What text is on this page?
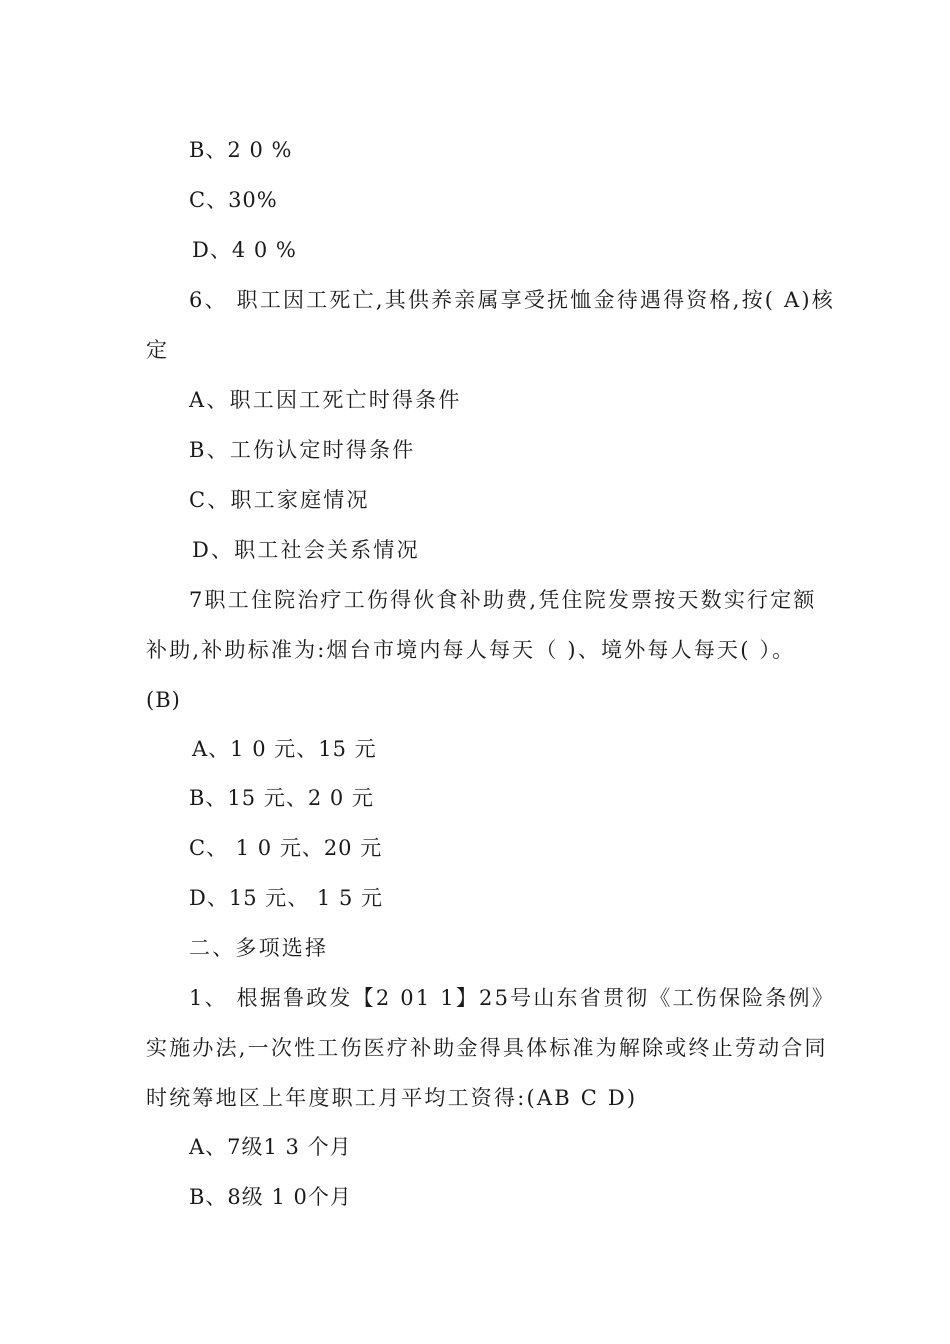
B、2 0 %
C、30%
D、4 0 %
6、 职工因工死亡,其供养亲属享受抚恤金待遇得资格,按( A)核
定
A、职工因工死亡时得条件
B、工伤认定时得条件
C、职工家庭情况
D、职工社会关系情况
7职工住院治疗工伤得伙食补助费,凭住院发票按天数实行定额
补助,补助标准为:烟台市境内每人每天（ )、境外每人每天( ）。
(B)
A、1 0 元、15 元
B、15 元、2 0 元
C、 1 0 元、20 元
D、15 元、 1 5 元
二、多项选择
1、 根据鲁政发【2 01 1】25号山东省贯彻《工伤保险条例》
实施办法,一次性工伤医疗补助金得具体标准为解除或终止劳动合同
时统筹地区上年度职工月平均工资得:(AB C D)
A、7级1 3 个月
B、8级 1 0个月
